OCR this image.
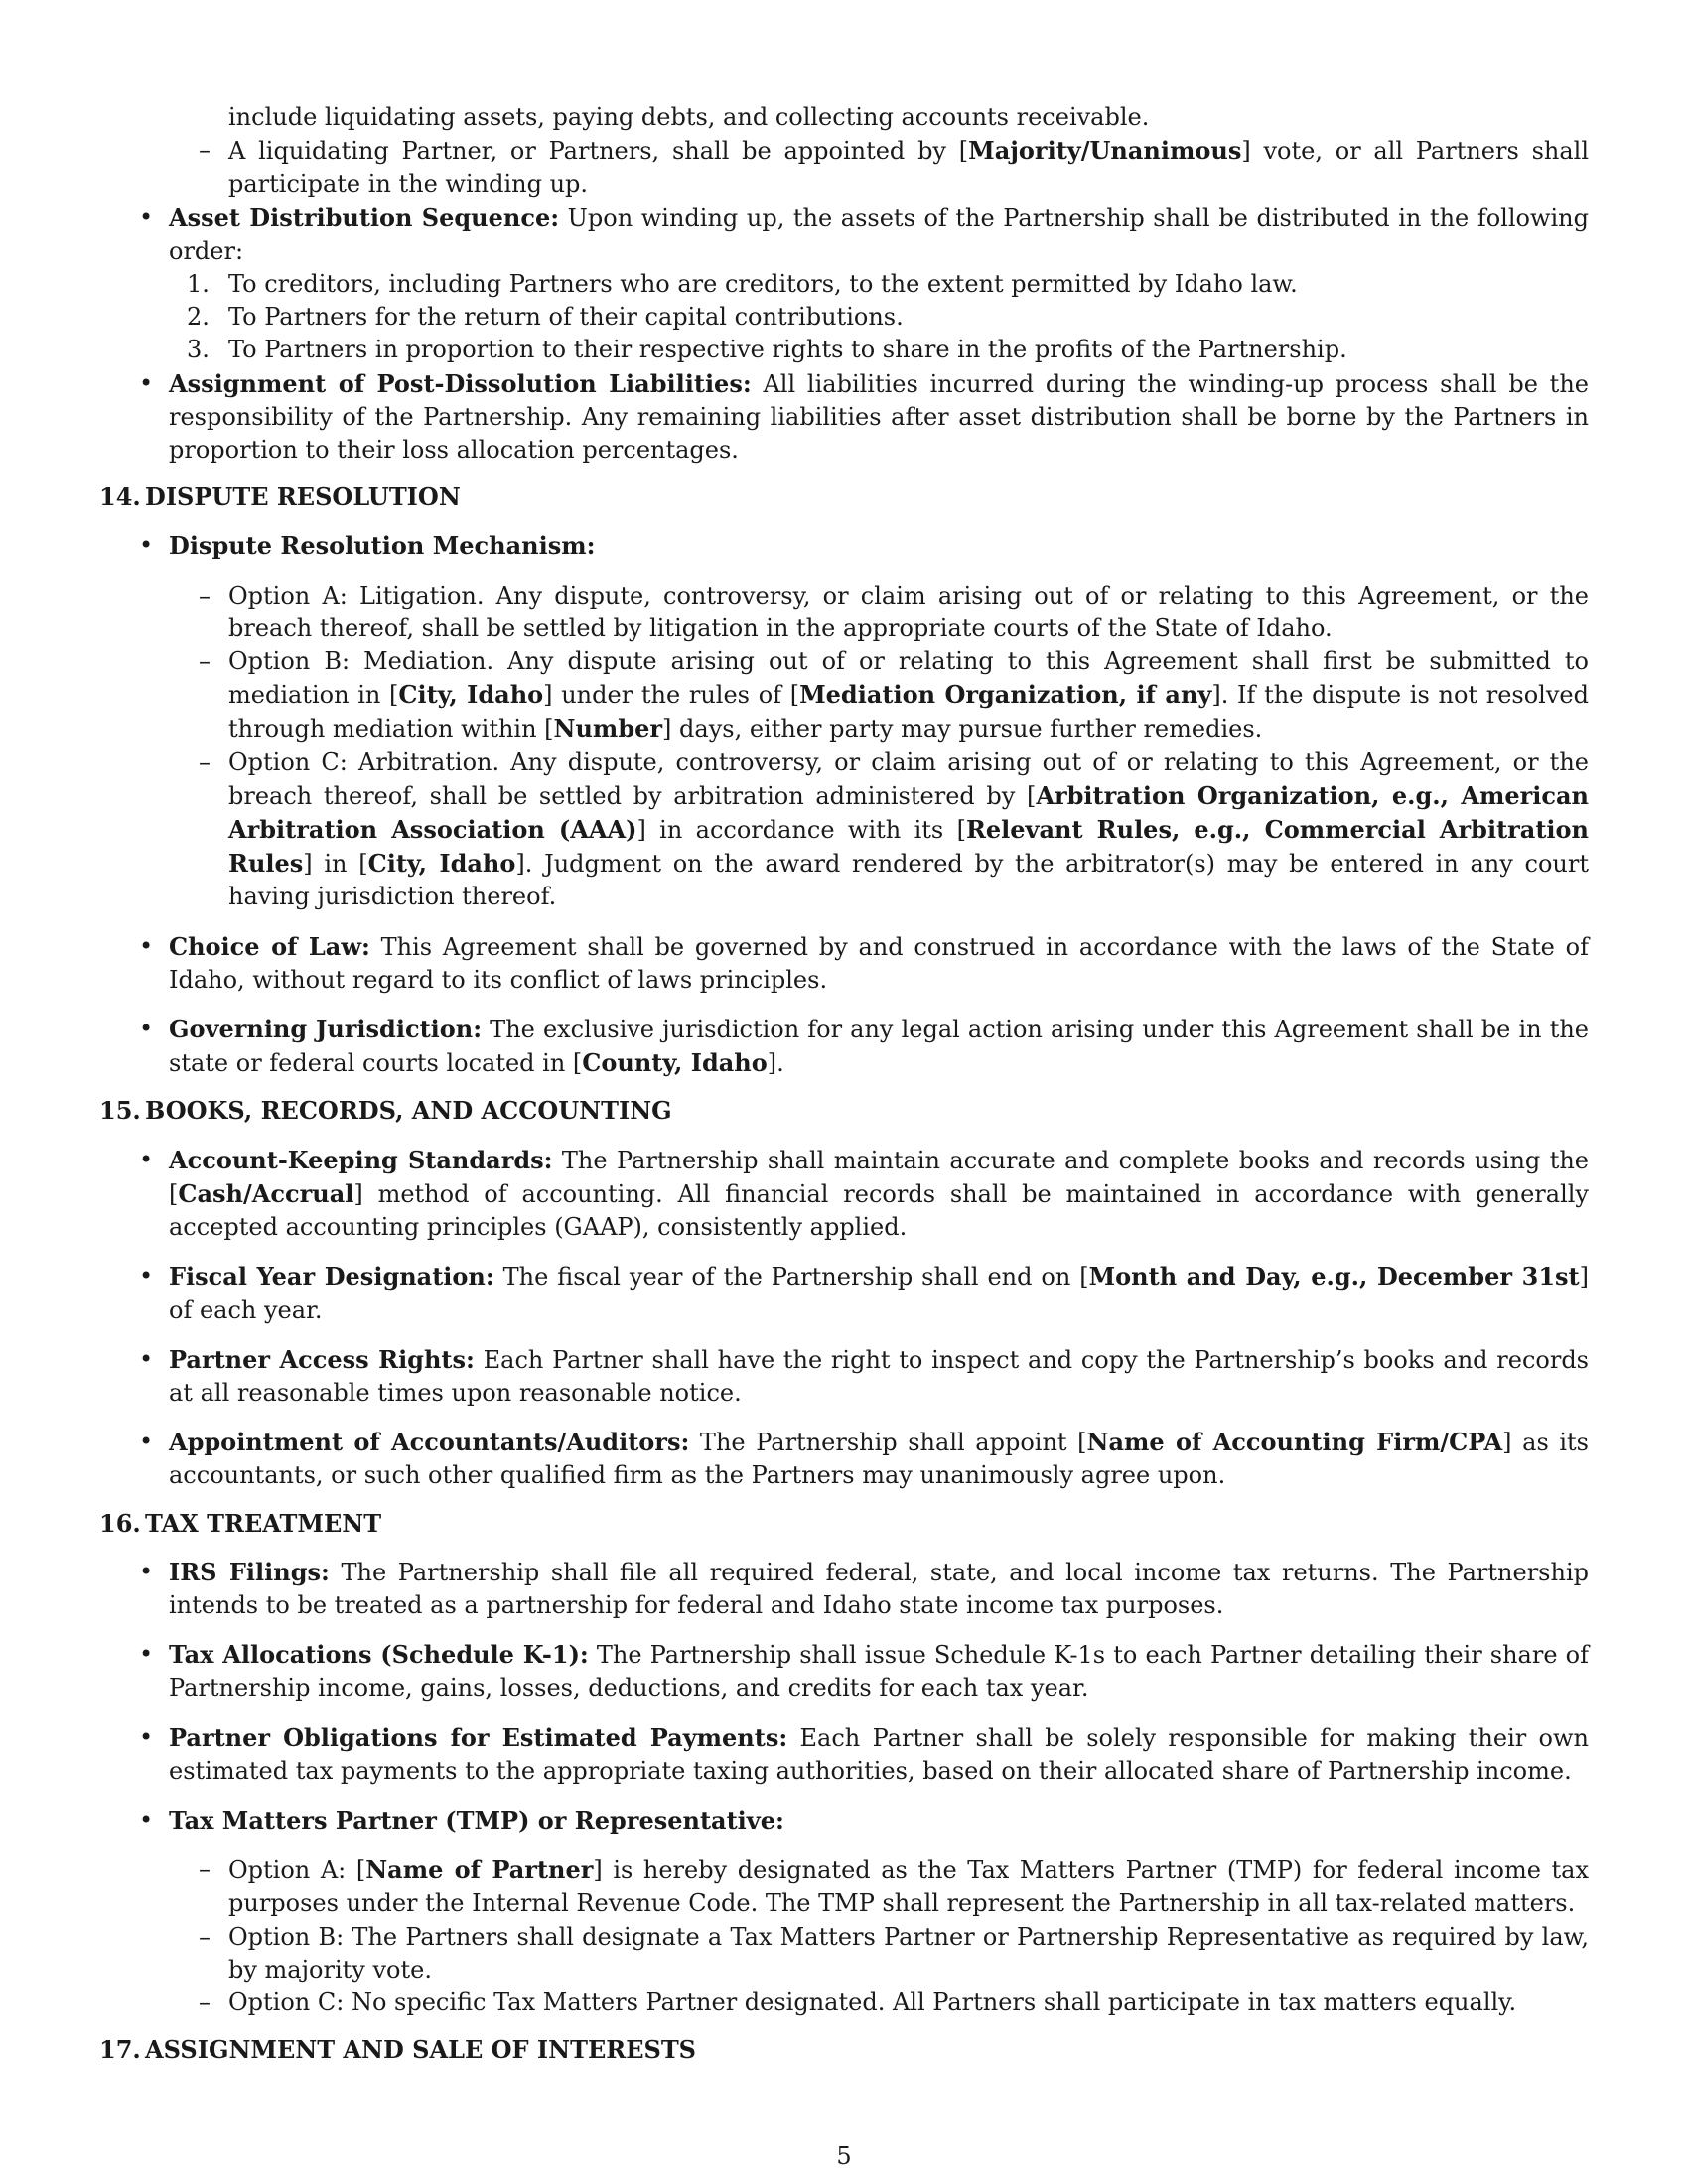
include liquidating assets, paying debts, and collecting accounts receivable.

– A liquidating Partner, or Partners, shall be appointed by [Majority/Unanimous] vote, or all Partners shall participate in the winding up.

• Asset Distribution Sequence: Upon winding up, the assets of the Partnership shall be distributed in the following order:

1. To creditors, including Partners who are creditors, to the extent permitted by Idaho law.

2. To Partners for the return of their capital contributions.

3. To Partners in proportion to their respective rights to share in the profits of the Partnership.

• Assignment of Post-Dissolution Liabilities: All liabilities incurred during the winding-up process shall be the responsibility of the Partnership. Any remaining liabilities after asset distribution shall be borne by the Partners in proportion to their loss allocation percentages.

14. DISPUTE RESOLUTION

• Dispute Resolution Mechanism:

– Option A: Litigation. Any dispute, controversy, or claim arising out of or relating to this Agreement, or the breach thereof, shall be settled by litigation in the appropriate courts of the State of Idaho.

– Option B: Mediation. Any dispute arising out of or relating to this Agreement shall first be submitted to mediation in [City, Idaho] under the rules of [Mediation Organization, if any]. If the dispute is not resolved through mediation within [Number] days, either party may pursue further remedies.

– Option C: Arbitration. Any dispute, controversy, or claim arising out of or relating to this Agreement, or the breach thereof, shall be settled by arbitration administered by [Arbitration Organization, e.g., American Arbitration Association (AAA)] in accordance with its [Relevant Rules, e.g., Commercial Arbitration Rules] in [City, Idaho]. Judgment on the award rendered by the arbitrator(s) may be entered in any court having jurisdiction thereof.

• Choice of Law: This Agreement shall be governed by and construed in accordance with the laws of the State of Idaho, without regard to its conflict of laws principles.

• Governing Jurisdiction: The exclusive jurisdiction for any legal action arising under this Agreement shall be in the state or federal courts located in [County, Idaho].

15. BOOKS, RECORDS, AND ACCOUNTING

• Account-Keeping Standards: The Partnership shall maintain accurate and complete books and records using the [Cash/Accrual] method of accounting. All financial records shall be maintained in accordance with generally accepted accounting principles (GAAP), consistently applied.

• Fiscal Year Designation: The fiscal year of the Partnership shall end on [Month and Day, e.g., December 31st] of each year.

• Partner Access Rights: Each Partner shall have the right to inspect and copy the Partnership’s books and records at all reasonable times upon reasonable notice.

• Appointment of Accountants/Auditors: The Partnership shall appoint [Name of Accounting Firm/CPA] as its accountants, or such other qualified firm as the Partners may unanimously agree upon.

16. TAX TREATMENT

• IRS Filings: The Partnership shall file all required federal, state, and local income tax returns. The Partnership intends to be treated as a partnership for federal and Idaho state income tax purposes.

• Tax Allocations (Schedule K-1): The Partnership shall issue Schedule K-1s to each Partner detailing their share of Partnership income, gains, losses, deductions, and credits for each tax year.

• Partner Obligations for Estimated Payments: Each Partner shall be solely responsible for making their own estimated tax payments to the appropriate taxing authorities, based on their allocated share of Partnership income.

• Tax Matters Partner (TMP) or Representative:

– Option A: [Name of Partner] is hereby designated as the Tax Matters Partner (TMP) for federal income tax purposes under the Internal Revenue Code. The TMP shall represent the Partnership in all tax-related matters.

– Option B: The Partners shall designate a Tax Matters Partner or Partnership Representative as required by law, by majority vote.

– Option C: No specific Tax Matters Partner designated. All Partners shall participate in tax matters equally.

17. ASSIGNMENT AND SALE OF INTERESTS

5
